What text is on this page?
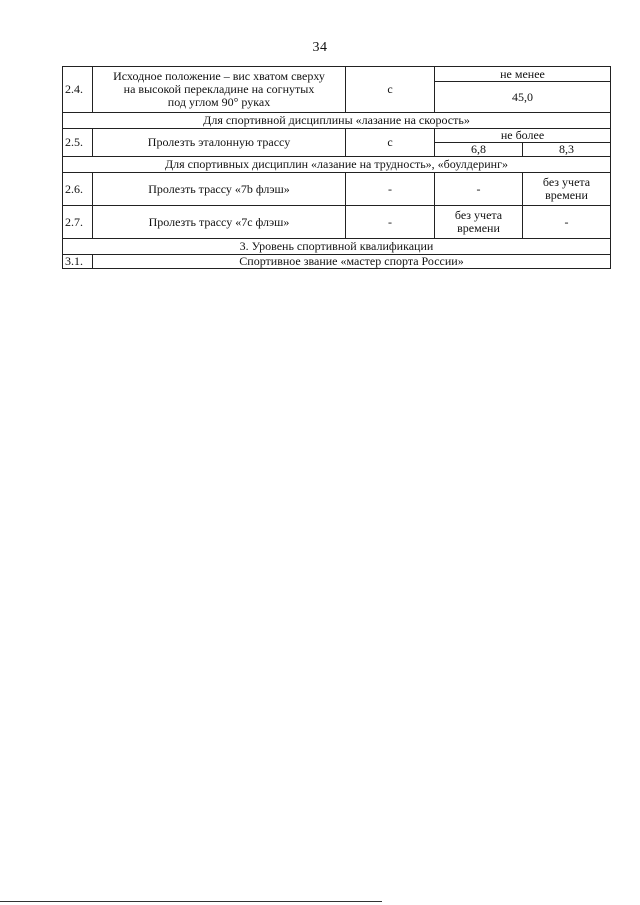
34
2.4.	Исходное положение – вис хватом сверху
на высокой перекладине на согнутых
под углом 90° руках	с	не менее	
			45,0	
Для спортивной дисциплины «лазание на скорость»				
2.5.	Пролезть эталонную трассу	с	не более	
			6,8	8,3
Для спортивных дисциплин «лазание на трудность», «боулдеринг»				
2.6.	Пролезть трассу «7b флэш»	-	-	без учета
времени

2.7.	Пролезть трассу «7c флэш»	-	без учета
времени	-
3. Уровень спортивной квалификации				
3.1.	Спортивное звание «мастер спорта России»			
